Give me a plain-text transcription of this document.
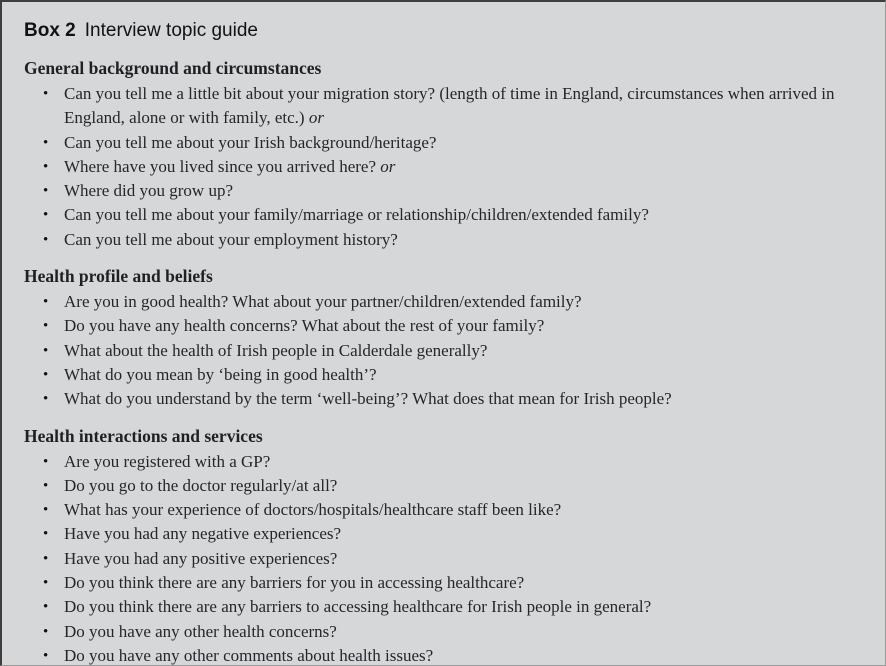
Box 2 Interview topic guide
General background and circumstances
• Can you tell me a little bit about your migration story? (length of time in England, circumstances when arrived in England, alone or with family, etc.) or
• Can you tell me about your Irish background/heritage?
• Where have you lived since you arrived here? or
• Where did you grow up?
• Can you tell me about your family/marriage or relationship/children/extended family?
• Can you tell me about your employment history?
Health profile and beliefs
• Are you in good health? What about your partner/children/extended family?
• Do you have any health concerns? What about the rest of your family?
• What about the health of Irish people in Calderdale generally?
• What do you mean by ‘being in good health’?
• What do you understand by the term ‘well-being’? What does that mean for Irish people?
Health interactions and services
• Are you registered with a GP?
• Do you go to the doctor regularly/at all?
• What has your experience of doctors/hospitals/healthcare staff been like?
• Have you had any negative experiences?
• Have you had any positive experiences?
• Do you think there are any barriers for you in accessing healthcare?
• Do you think there are any barriers to accessing healthcare for Irish people in general?
• Do you have any other health concerns?
• Do you have any other comments about health issues?
